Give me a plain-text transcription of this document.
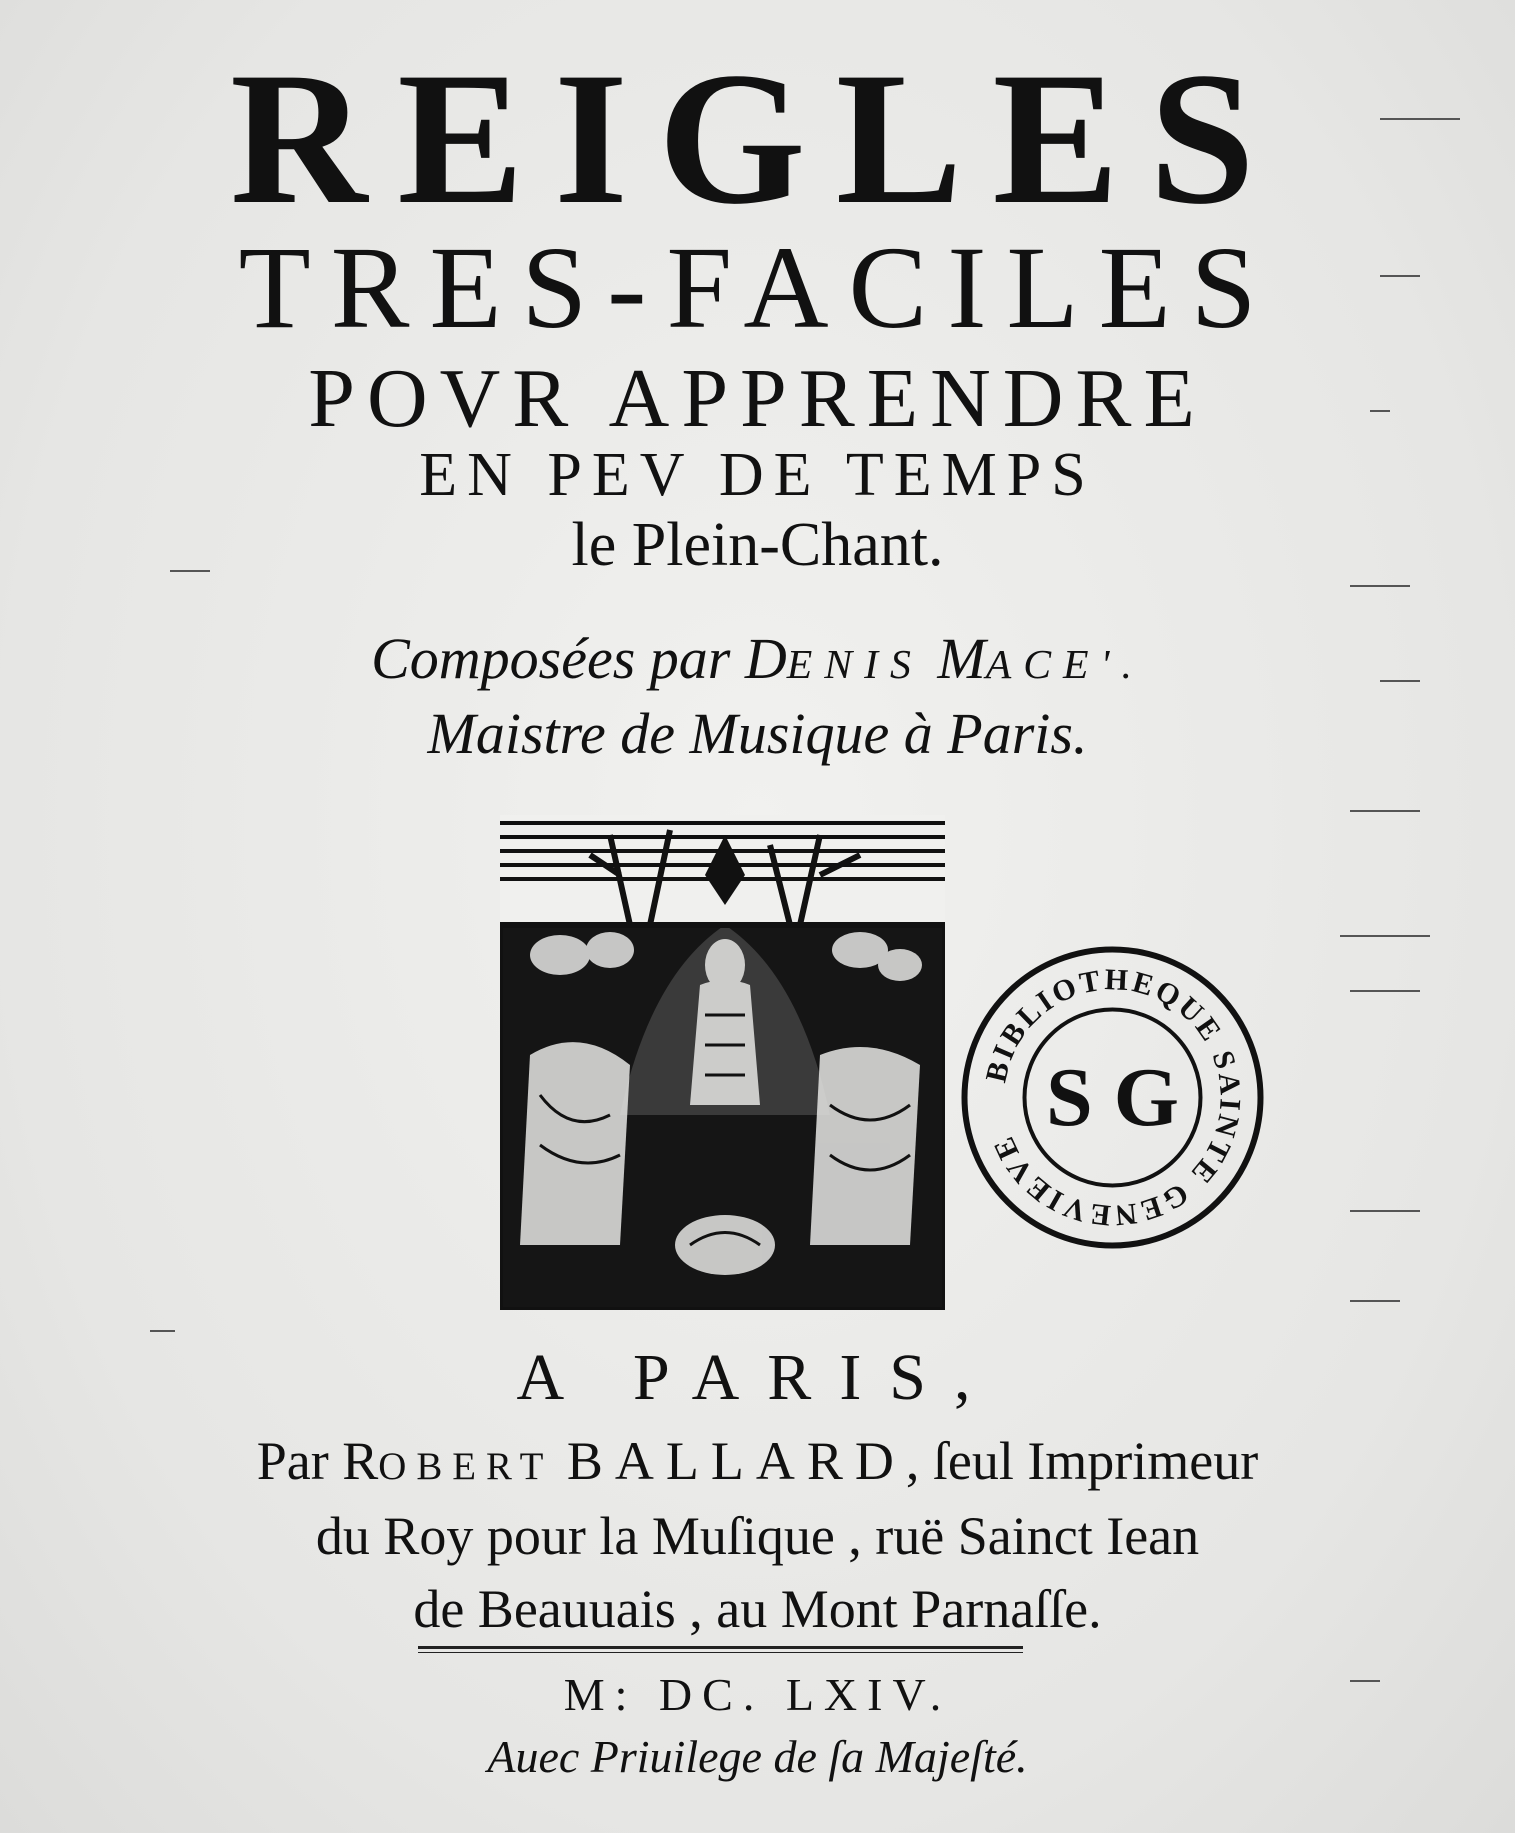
REIGLES
TRES-FACILES
POVR APPRENDRE
EN PEV DE TEMPS
le Plein-Chant.
Composées par DENIS MACE'.
Maistre de Musique à Paris.
BIBLIOTHEQUE SAINTE GENEVIEVE
S G
A PARIS,
Par ROBERT BALLARD, ſeul Imprimeur
du Roy pour la Muſique , ruë Sainct Iean
de Beauuais , au Mont Parnaſſe.
M: DC. LXIV.
Auec Priuilege de ſa Majeſté.
